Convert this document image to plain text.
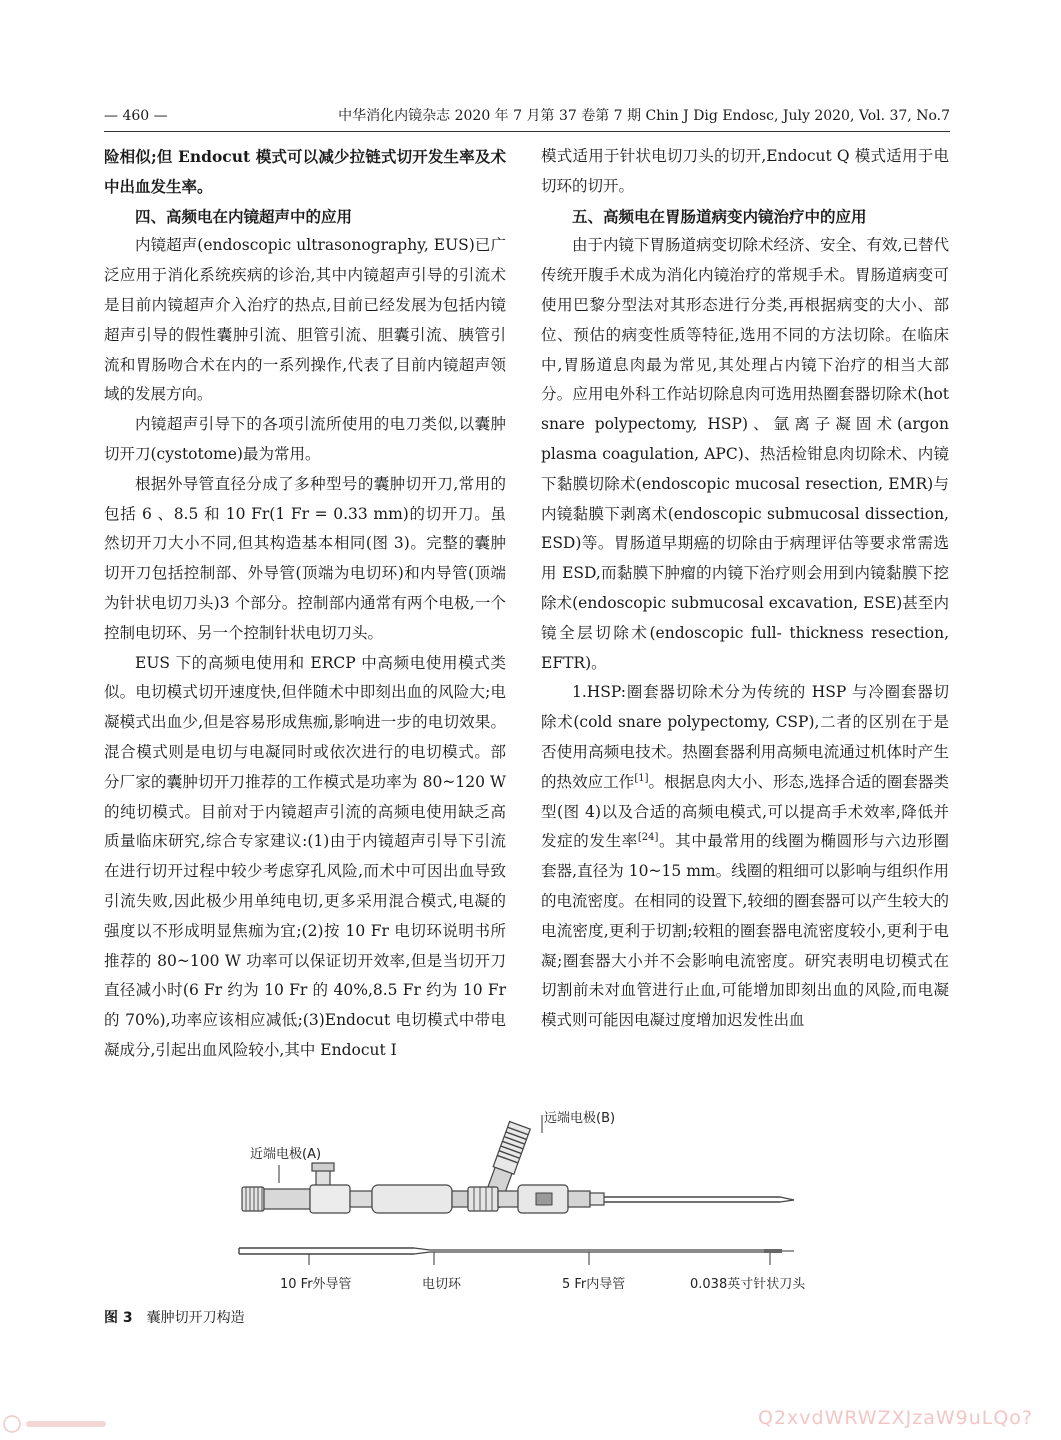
— 460 —	中华消化内镜杂志 2020 年 7 月第 37 卷第 7 期 Chin J Dig Endosc, July 2020, Vol. 37, No.7

险相似;但 Endocut 模式可以减少拉链式切开发生率及术中出血发生率。

四、高频电在内镜超声中的应用

内镜超声(endoscopic ultrasonography, EUS)已广泛应用于消化系统疾病的诊治,其中内镜超声引导的引流术是目前内镜超声介入治疗的热点,目前已经发展为包括内镜超声引导的假性囊肿引流、胆管引流、胆囊引流、胰管引流和胃肠吻合术在内的一系列操作,代表了目前内镜超声领域的发展方向。

内镜超声引导下的各项引流所使用的电刀类似,以囊肿切开刀(cystotome)最为常用。

根据外导管直径分成了多种型号的囊肿切开刀,常用的包括 6 、8.5 和 10 Fr(1 Fr = 0.33 mm)的切开刀。虽然切开刀大小不同,但其构造基本相同(图 3)。完整的囊肿切开刀包括控制部、外导管(顶端为电切环)和内导管(顶端为针状电切刀头)3 个部分。控制部内通常有两个电极,一个控制电切环、另一个控制针状电切刀头。

EUS 下的高频电使用和 ERCP 中高频电使用模式类似。电切模式切开速度快,但伴随术中即刻出血的风险大;电凝模式出血少,但是容易形成焦痂,影响进一步的电切效果。混合模式则是电切与电凝同时或依次进行的电切模式。部分厂家的囊肿切开刀推荐的工作模式是功率为 80~120 W 的纯切模式。目前对于内镜超声引流的高频电使用缺乏高质量临床研究,综合专家建议:(1)由于内镜超声引导下引流在进行切开过程中较少考虑穿孔风险,而术中可因出血导致引流失败,因此极少用单纯电切,更多采用混合模式,电凝的强度以不形成明显焦痂为宜;(2)按 10 Fr 电切环说明书所推荐的 80~100 W 功率可以保证切开效率,但是当切开刀直径减小时(6 Fr 约为 10 Fr 的 40%,8.5 Fr 约为 10 Fr 的 70%),功率应该相应减低;(3)Endocut 电切模式中带电凝成分,引起出血风险较小,其中 Endocut I

模式适用于针状电切刀头的切开,Endocut Q 模式适用于电切环的切开。

五、高频电在胃肠道病变内镜治疗中的应用

由于内镜下胃肠道病变切除术经济、安全、有效,已替代传统开腹手术成为消化内镜治疗的常规手术。胃肠道病变可使用巴黎分型法对其形态进行分类,再根据病变的大小、部位、预估的病变性质等特征,选用不同的方法切除。在临床中,胃肠道息肉最为常见,其处理占内镜下治疗的相当大部分。应用电外科工作站切除息肉可选用热圈套器切除术(hot snare polypectomy, HSP)、氩离子凝固术(argon plasma coagulation, APC)、热活检钳息肉切除术、内镜下黏膜切除术(endoscopic mucosal resection, EMR)与内镜黏膜下剥离术(endoscopic submucosal dissection, ESD)等。胃肠道早期癌的切除由于病理评估等要求常需选用 ESD,而黏膜下肿瘤的内镜下治疗则会用到内镜黏膜下挖除术(endoscopic submucosal excavation, ESE)甚至内镜全层切除术(endoscopic full- thickness resection, EFTR)。

1.HSP:圈套器切除术分为传统的 HSP 与冷圈套器切除术(cold snare polypectomy, CSP),二者的区别在于是否使用高频电技术。热圈套器利用高频电流通过机体时产生的热效应工作[1]。根据息肉大小、形态,选择合适的圈套器类型(图 4)以及合适的高频电模式,可以提高手术效率,降低并发症的发生率[24]。其中最常用的线圈为椭圆形与六边形圈套器,直径为 10~15 mm。线圈的粗细可以影响与组织作用的电流密度。在相同的设置下,较细的圈套器可以产生较大的电流密度,更利于切割;较粗的圈套器电流密度较小,更利于电凝;圈套器大小并不会影响电流密度。研究表明电切模式在切割前未对血管进行止血,可能增加即刻出血的风险,而电凝模式则可能因电凝过度增加迟发性出血

远端电极(B)
近端电极(A)
10 Fr外导管	电切环	5 Fr内导管	0.038英寸针状刀头
图 3 囊肿切开刀构造
Q2xvdWRWZXJzaW9uLQo?
